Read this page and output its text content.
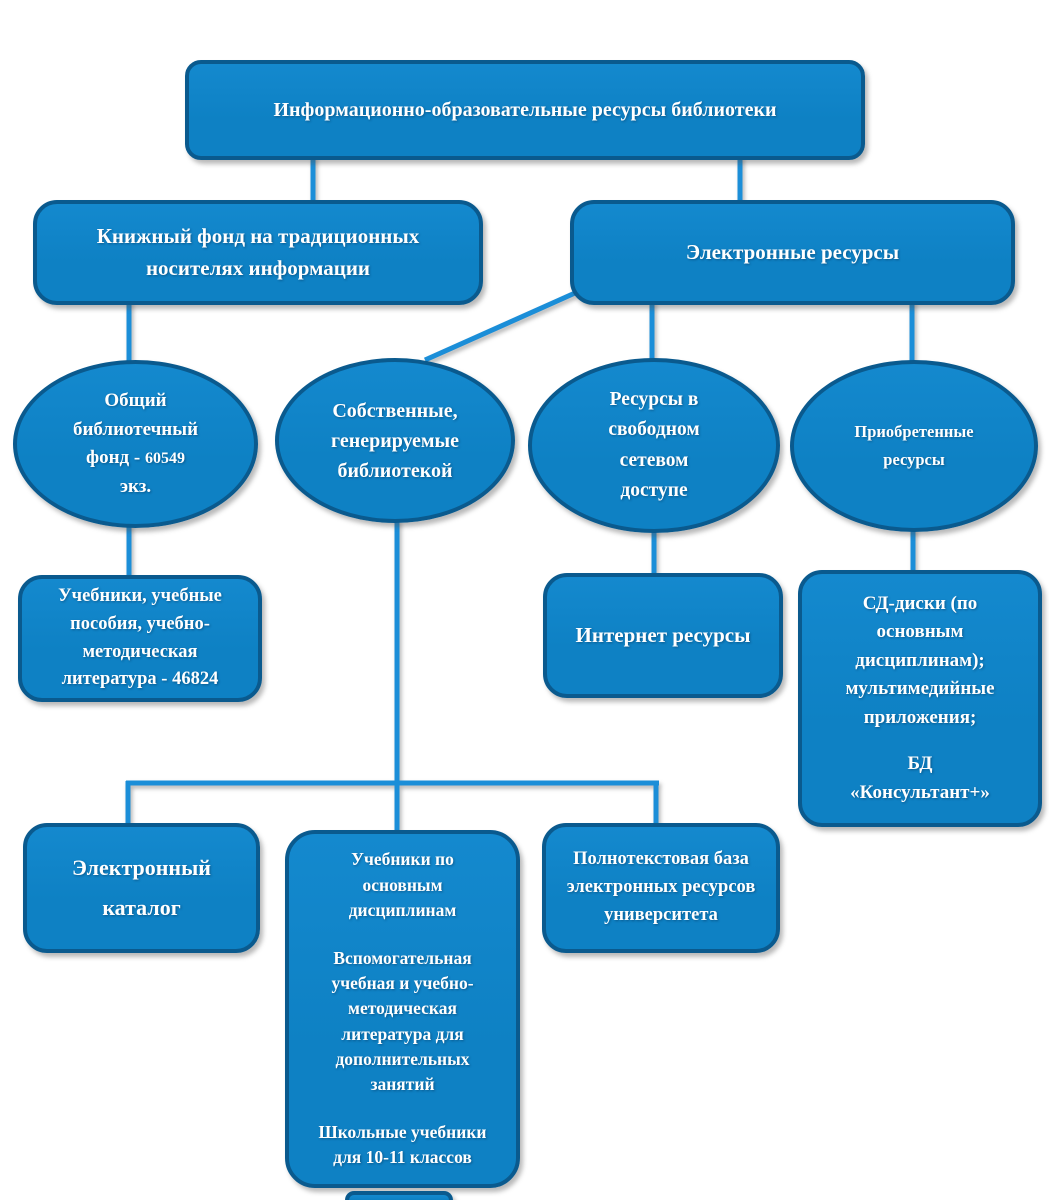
Информационно-образовательные ресурсы библиотеки
Книжный фонд на традиционных носителях информации
Электронные ресурсы
Общий библиотечный фонд - 60549 экз.
Собственные, генерируемые библиотекой
Ресурсы в свободном сетевом доступе
Приобретенные ресурсы
Учебники, учебные пособия, учебно-методическая литература - 46824
Интернет ресурсы
СД-диски (по основным дисциплинам); мультимедийные приложения;
БД «Консультант+»
Электронный каталог
Учебники по основным дисциплинам
Вспомогательная учебная и учебно-методическая литература для дополнительных занятий
Школьные учебники для 10-11 классов
Полнотекстовая база электронных ресурсов университета
